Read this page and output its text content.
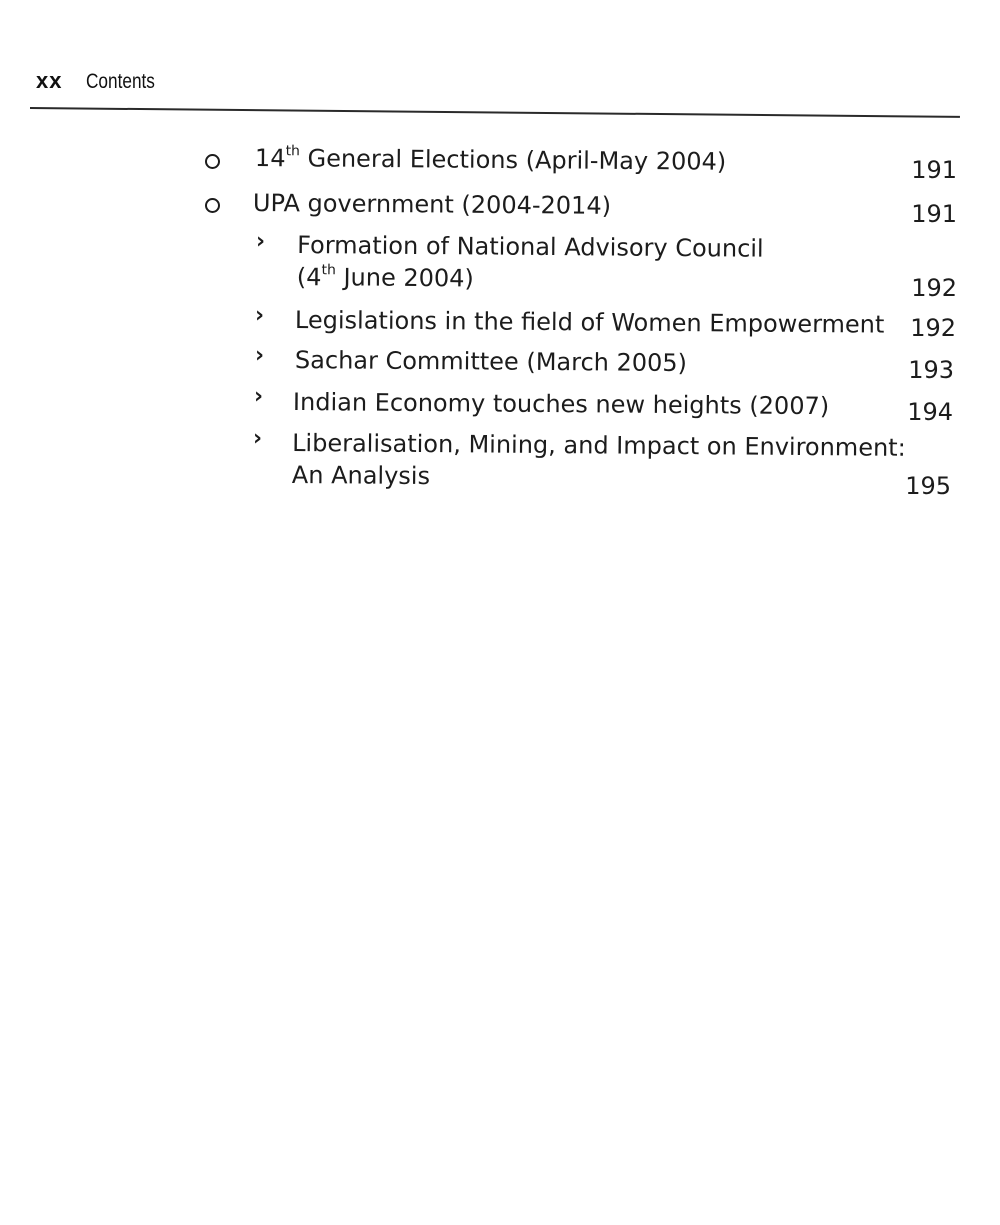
xx Contents
14th General Elections (April-May 2004)	191
UPA government (2004-2014)	191
› Formation of National Advisory Council
(4th June 2004)	192
› Legislations in the field of Women Empowerment	192
› Sachar Committee (March 2005)	193
› Indian Economy touches new heights (2007)	194
› Liberalisation, Mining, and Impact on Environment:
An Analysis	195
